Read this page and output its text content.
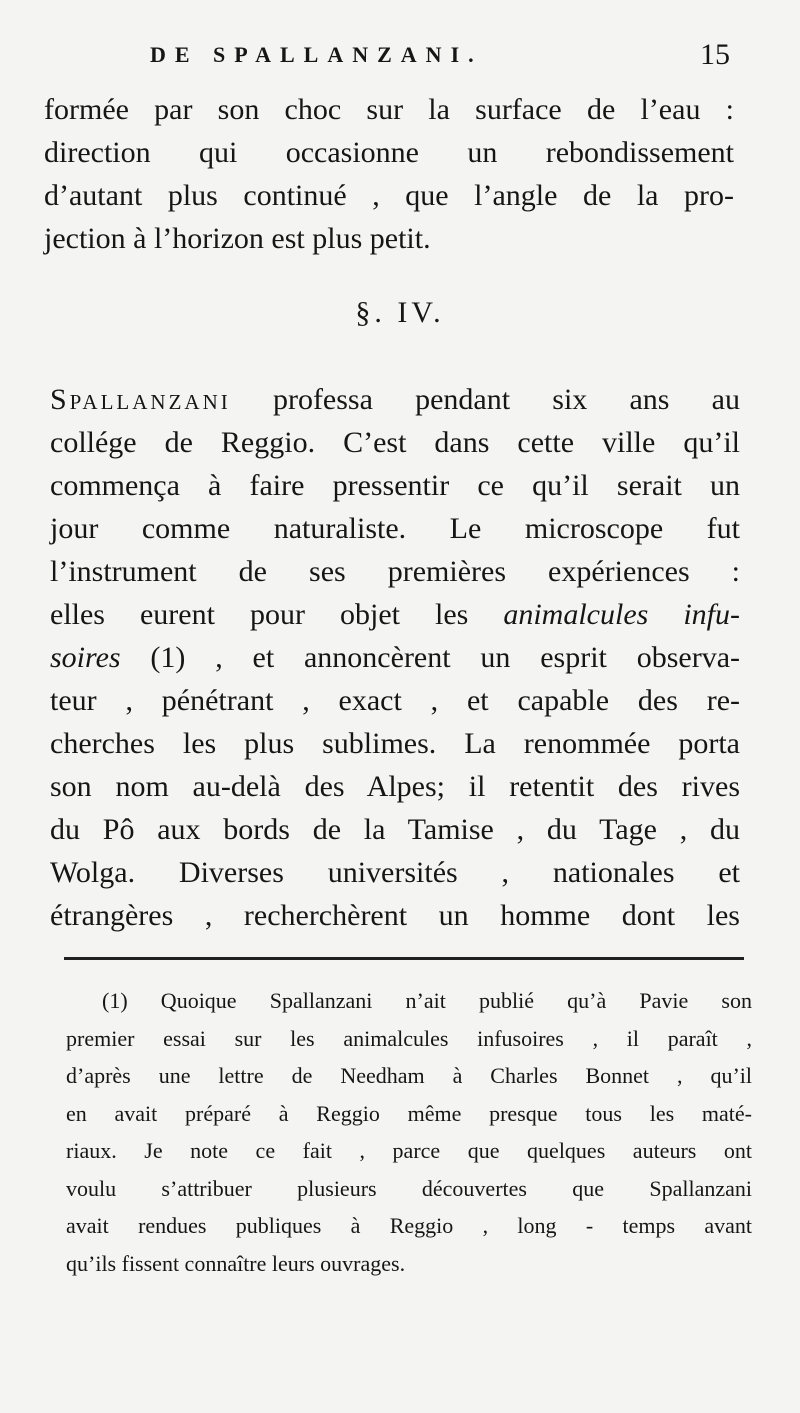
DE SPALLANZANI.	15
formée par son choc sur la surface de l’eau :
direction qui occasionne un rebondissement
d’autant plus continué , que l’angle de la pro-
jection à l’horizon est plus petit.
§. IV.
Spallanzani professa pendant six ans au
collége de Reggio. C’est dans cette ville qu’il
commença à faire pressentir ce qu’il serait un
jour comme naturaliste. Le microscope fut
l’instrument de ses premières expériences :
elles eurent pour objet les animalcules infu-
soires (1) , et annoncèrent un esprit observa-
teur , pénétrant , exact , et capable des re-
cherches les plus sublimes. La renommée porta
son nom au-delà des Alpes; il retentit des rives
du Pô aux bords de la Tamise , du Tage , du
Wolga. Diverses universités , nationales et
étrangères , recherchèrent un homme dont les
(1) Quoique Spallanzani n’ait publié qu’à Pavie son
premier essai sur les animalcules infusoires , il paraît ,
d’après une lettre de Needham à Charles Bonnet , qu’il
en avait préparé à Reggio même presque tous les maté-
riaux. Je note ce fait , parce que quelques auteurs ont
voulu s’attribuer plusieurs découvertes que Spallanzani
avait rendues publiques à Reggio , long - temps avant
qu’ils fissent connaître leurs ouvrages.
